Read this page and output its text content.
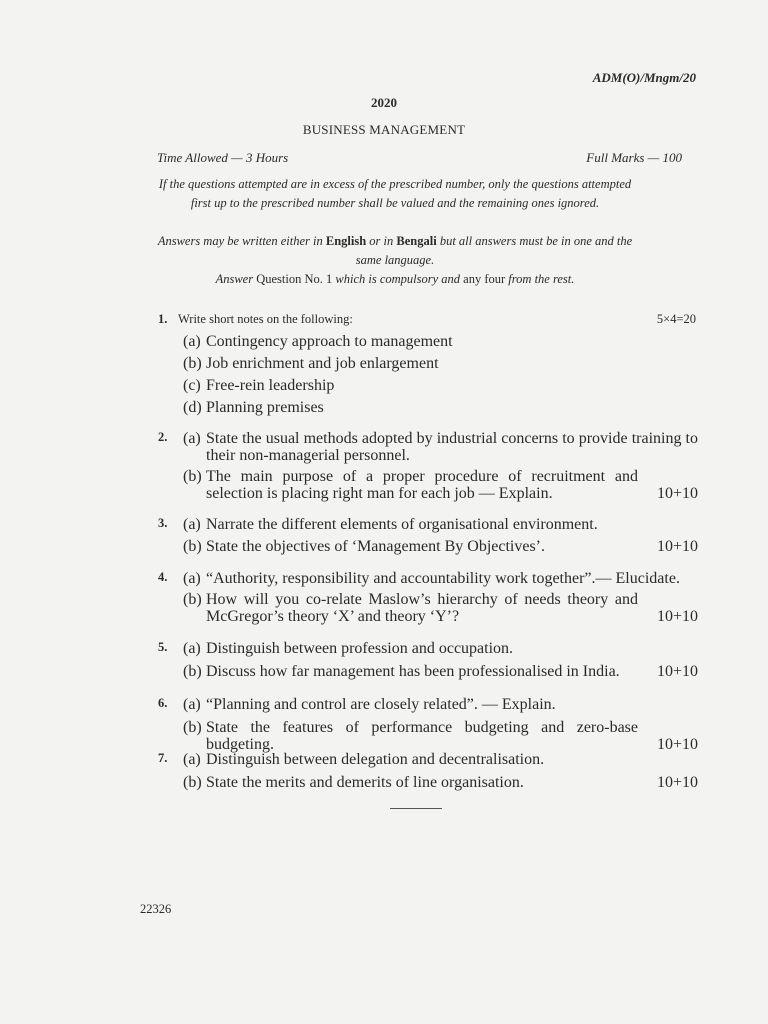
ADM(O)/Mngm/20
2020
BUSINESS MANAGEMENT
Time Allowed — 3 Hours	Full Marks — 100
If the questions attempted are in excess of the prescribed number, only the questions attempted first up to the prescribed number shall be valued and the remaining ones ignored.
Answers may be written either in English or in Bengali but all answers must be in one and the same language.
Answer Question No. 1 which is compulsory and any four from the rest.
1. Write short notes on the following:	5×4=20
(a) Contingency approach to management
(b) Job enrichment and job enlargement
(c) Free-rein leadership
(d) Planning premises
2. (a) State the usual methods adopted by industrial concerns to provide training to their non-managerial personnel.
(b) The main purpose of a proper procedure of recruitment and selection is placing right man for each job — Explain.	10+10
3. (a) Narrate the different elements of organisational environment.
(b) State the objectives of ‘Management By Objectives’.	10+10
4. (a) “Authority, responsibility and accountability work together”.— Elucidate.
(b) How will you co-relate Maslow’s hierarchy of needs theory and McGregor’s theory ‘X’ and theory ‘Y’?	10+10
5. (a) Distinguish between profession and occupation.
(b) Discuss how far management has been professionalised in India.	10+10
6. (a) “Planning and control are closely related”. — Explain.
(b) State the features of performance budgeting and zero-base budgeting.	10+10
7. (a) Distinguish between delegation and decentralisation.
(b) State the merits and demerits of line organisation.	10+10
22326
